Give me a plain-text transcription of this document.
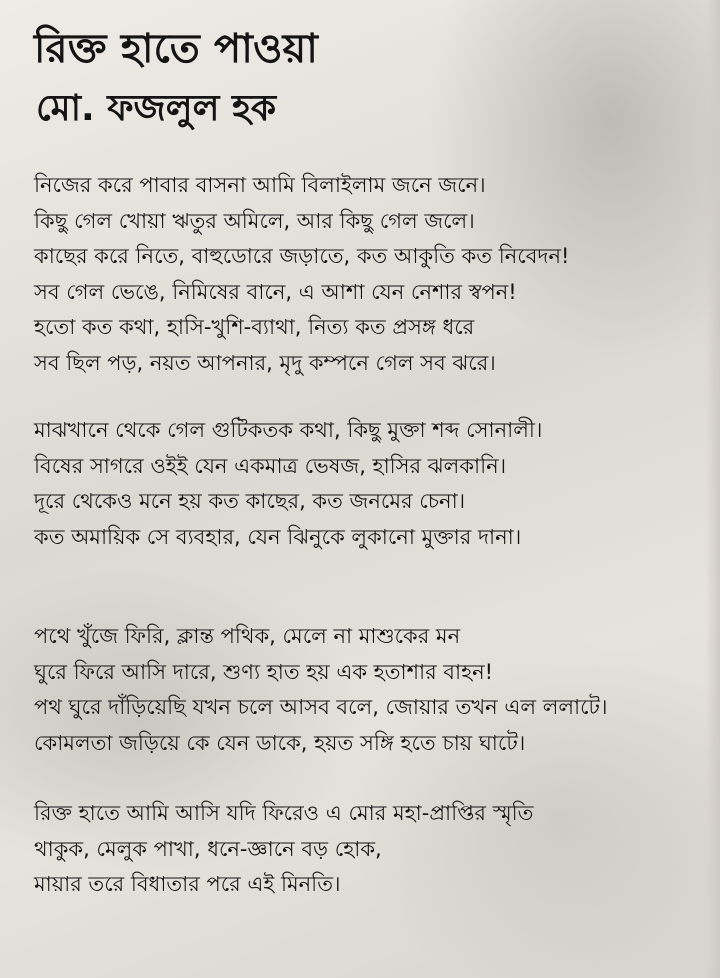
রিক্ত হাতে পাওয়া
মো. ফজলুল হক
নিজের করে পাবার বাসনা আমি বিলাইলাম জনে জনে।
কিছু গেল খোয়া ঋতুর অমিলে, আর কিছু গেল জলে।
কাছের করে নিতে, বাহুডোরে জড়াতে, কত আকুতি কত নিবেদন!
সব গেল ভেঙে, নিমিষের বানে, এ আশা যেন নেশার স্বপন!
হতো কত কথা, হাসি-খুশি-ব্যাথা, নিত্য কত প্রসঙ্গ ধরে
সব ছিল পড়, নয়ত আপনার, মৃদু কম্পনে গেল সব ঝরে।
মাঝখানে থেকে গেল গুটিকতক কথা, কিছু মুক্তা শব্দ সোনালী।
বিষের সাগরে ওইই যেন একমাত্র ভেষজ, হাসির ঝলকানি।
দূরে থেকেও মনে হয় কত কাছের, কত জনমের চেনা।
কত অমায়িক সে ব্যবহার, যেন ঝিনুকে লুকানো মুক্তার দানা।
পথে খুঁজে ফিরি, ক্লান্ত পথিক, মেলে না মাশুকের মন
ঘুরে ফিরে আসি দারে, শুণ্য হাত হয় এক হতাশার বাহন!
পথ ঘুরে দাঁড়িয়েছি যখন চলে আসব বলে, জোয়ার তখন এল ললাটে।
কোমলতা জড়িয়ে কে যেন ডাকে, হয়ত সঙ্গি হতে চায় ঘাটে।
রিক্ত হাতে আমি আসি যদি ফিরেও এ মোর মহা-প্রাপ্তির স্মৃতি
থাকুক, মেলুক পাখা, ধনে-জ্ঞানে বড় হোক,
মায়ার তরে বিধাতার পরে এই মিনতি।
